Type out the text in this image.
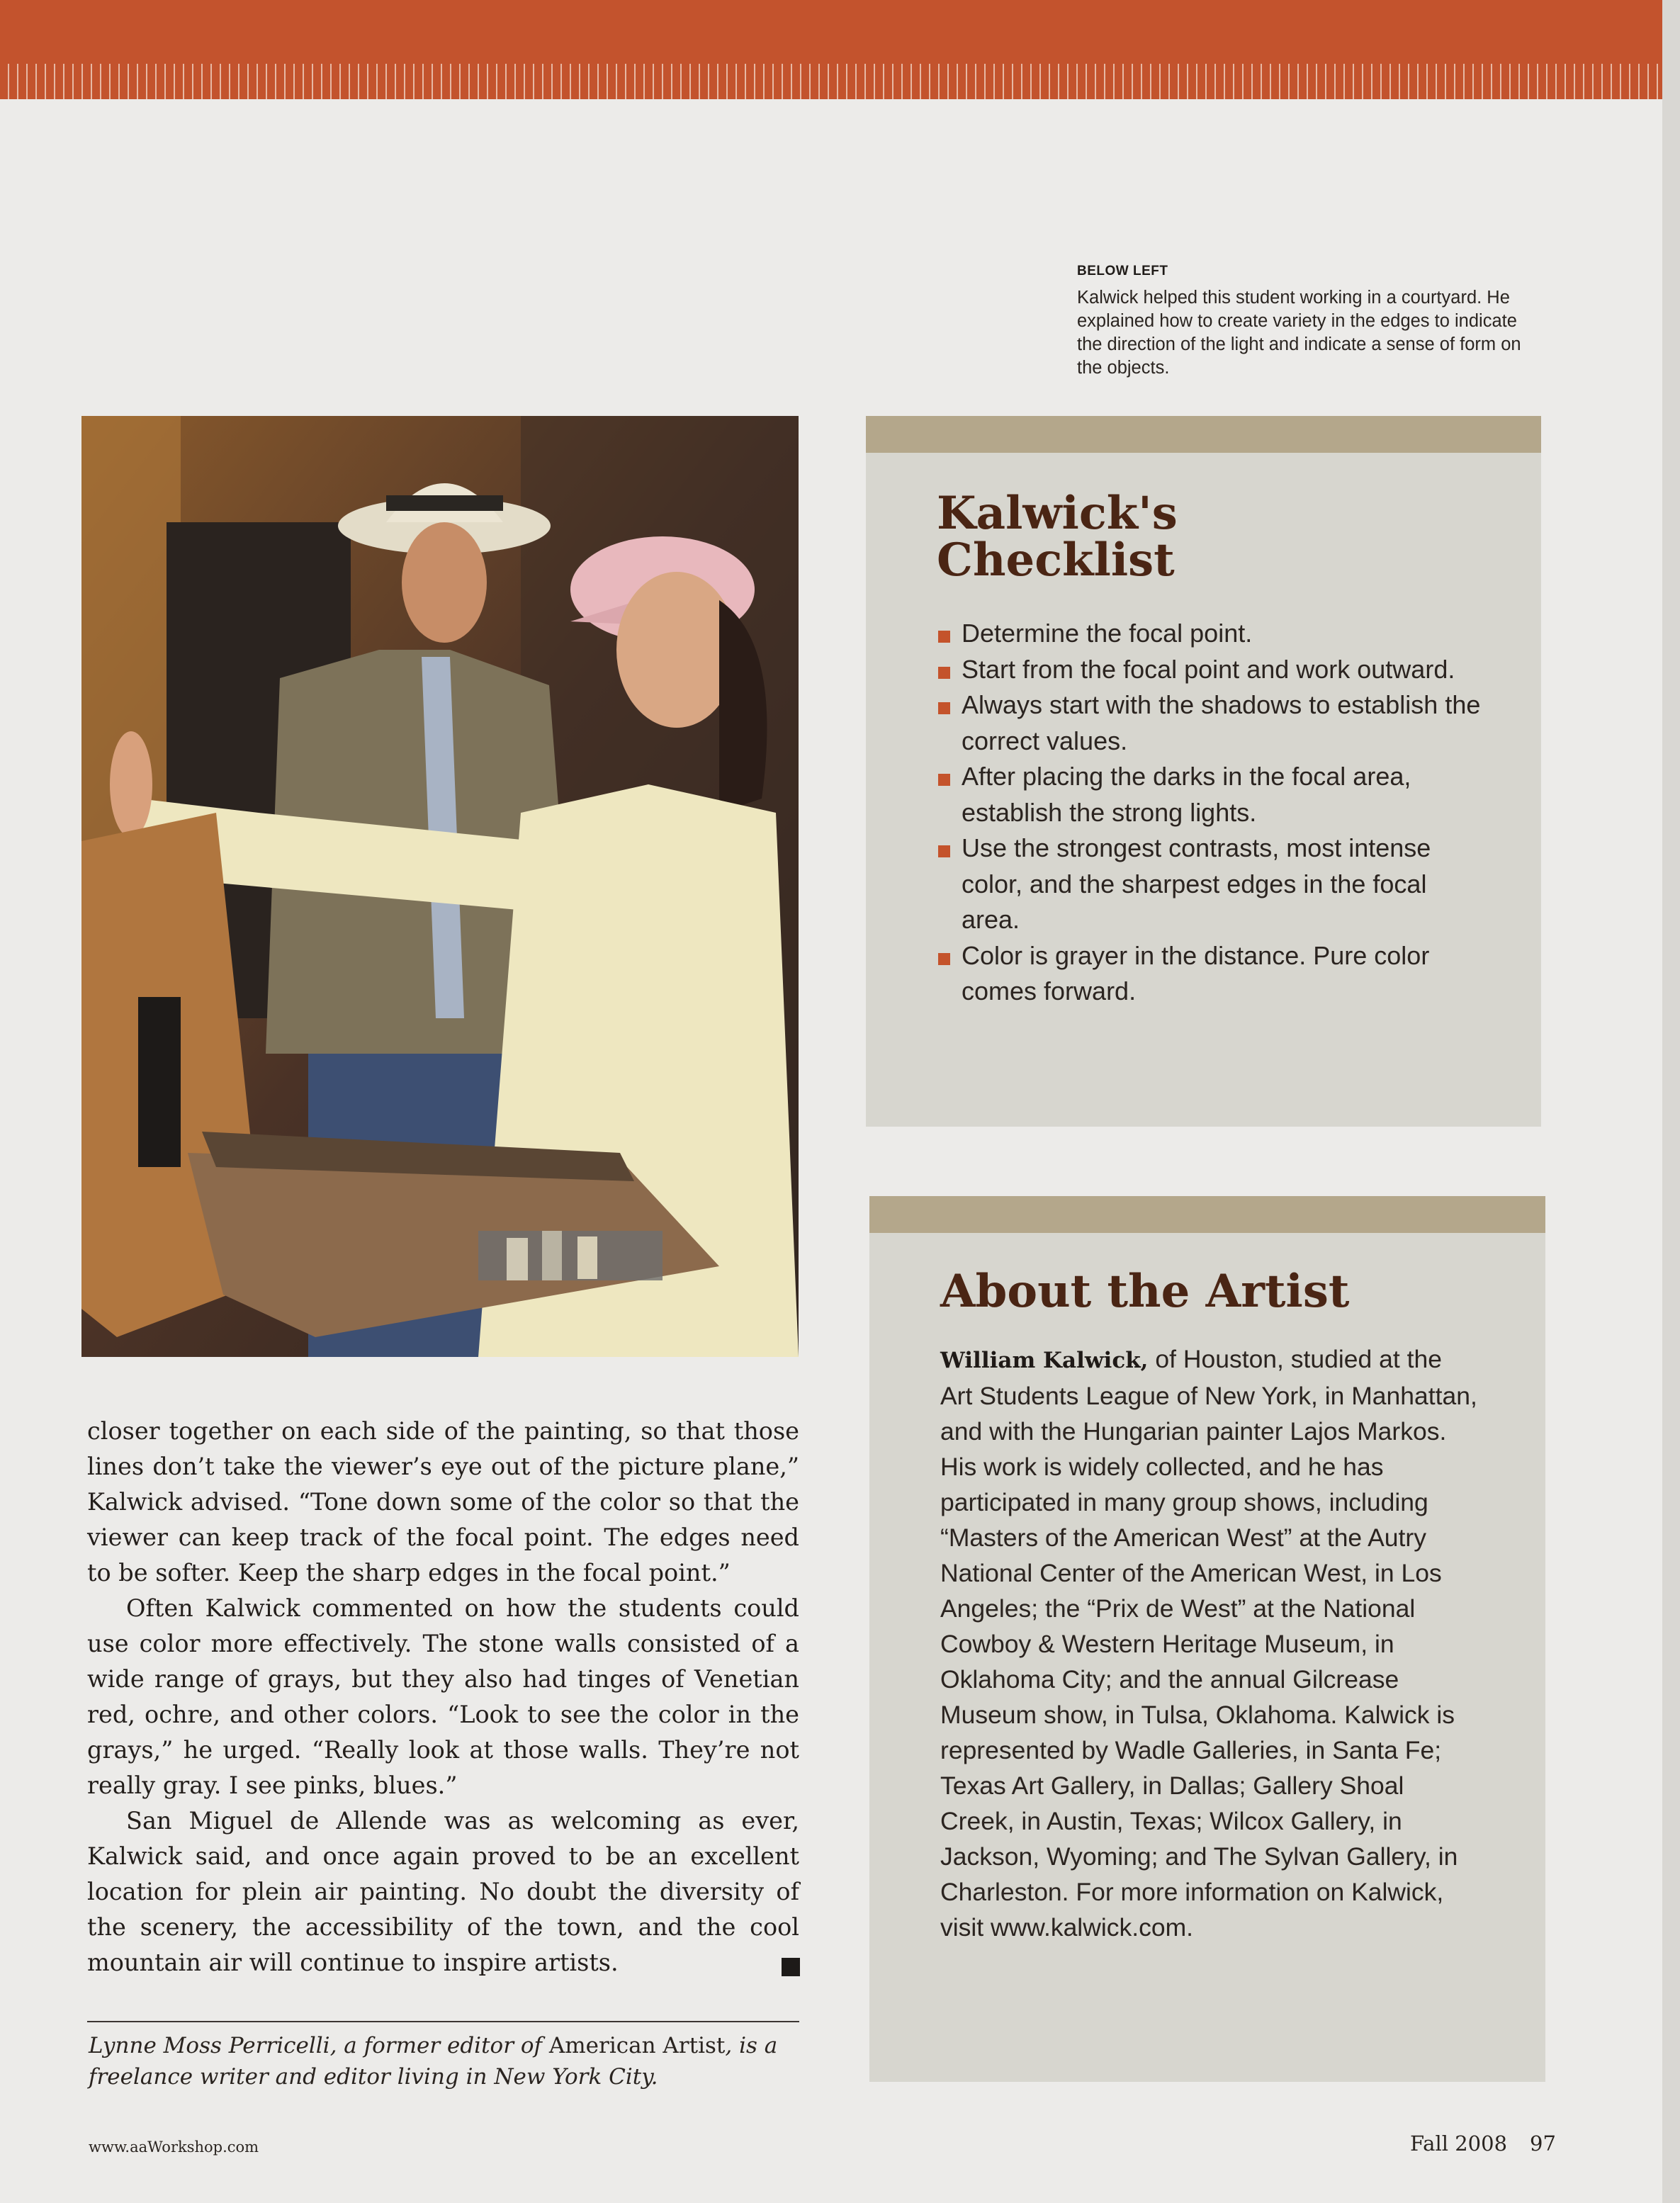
BELOW LEFT

Kalwick helped this student working in a courtyard. He explained how to create variety in the edges to indicate the direction of the light and indicate a sense of form on the objects.

Kalwick's Checklist
Determine the focal point.
Start from the focal point and work outward.
Always start with the shadows to establish the correct values.
After placing the darks in the focal area, establish the strong lights.
Use the strongest contrasts, most intense color, and the sharpest edges in the focal area.
Color is grayer in the distance. Pure color comes forward.
About the Artist

William Kalwick, of Houston, studied at the Art Students League of New York, in Manhattan, and with the Hungarian painter Lajos Markos. His work is widely collected, and he has participated in many group shows, including “Masters of the American West” at the Autry National Center of the American West, in Los Angeles; the “Prix de West” at the National Cowboy & Western Heritage Museum, in Oklahoma City; and the annual Gilcrease Museum show, in Tulsa, Oklahoma. Kalwick is represented by Wadle Galleries, in Santa Fe; Texas Art Gallery, in Dallas; Gallery Shoal Creek, in Austin, Texas; Wilcox Gallery, in Jackson, Wyoming; and The Sylvan Gallery, in Charleston. For more information on Kalwick, visit www.kalwick.com.

closer together on each side of the painting, so that those lines don’t take the viewer’s eye out of the picture plane,” Kalwick advised. “Tone down some of the color so that the viewer can keep track of the focal point. The edges need to be softer. Keep the sharp edges in the focal point.”

Often Kalwick commented on how the students could use color more effectively. The stone walls consisted of a wide range of grays, but they also had tinges of Venetian red, ochre, and other colors. “Look to see the color in the grays,” he urged. “Really look at those walls. They’re not really gray. I see pinks, blues.”

San Miguel de Allende was as welcoming as ever, Kalwick said, and once again proved to be an excellent location for plein air painting. No doubt the diversity of the scenery, the accessibility of the town, and the cool mountain air will continue to inspire artists.

Lynne Moss Perricelli, a former editor of American Artist, is a freelance writer and editor living in New York City.

www.aaWorkshop.com	Fall 2008 97
